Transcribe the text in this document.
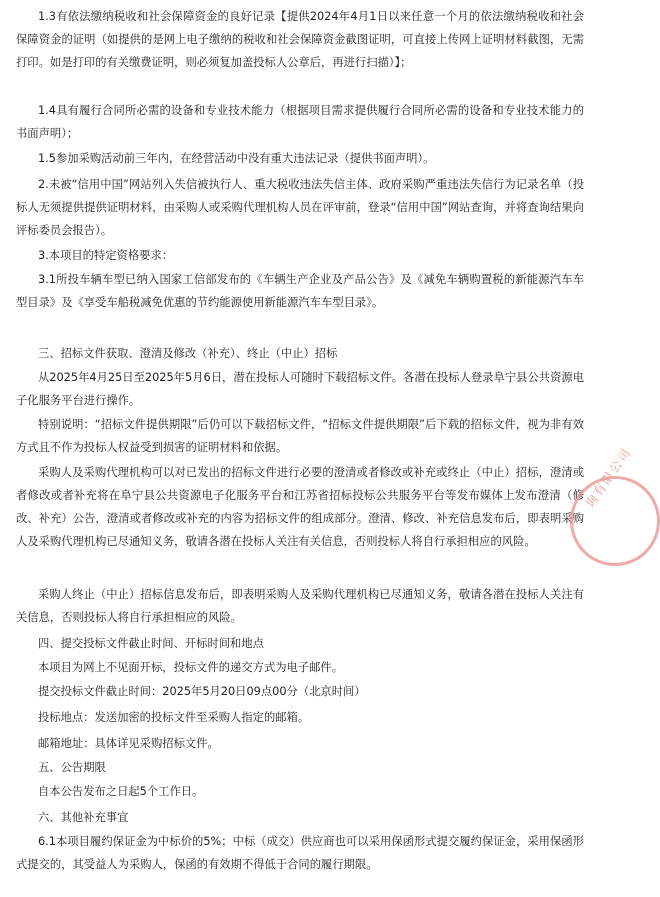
1.3有依法缴纳税收和社会保障资金的良好记录【提供2024年4月1日以来任意一个月的依法缴纳税收和社会保障资金的证明（如提供的是网上电子缴纳的税收和社会保障资金截图证明，可直接上传网上证明材料截图，无需打印。如是打印的有关缴费证明，则必须复加盖投标人公章后，再进行扫描）】；

1.4具有履行合同所必需的设备和专业技术能力（根据项目需求提供履行合同所必需的设备和专业技术能力的书面声明）；

1.5参加采购活动前三年内，在经营活动中没有重大违法记录（提供书面声明）。

2.未被“信用中国”网站列入失信被执行人、重大税收违法失信主体、政府采购严重违法失信行为记录名单（投标人无须提供提供证明材料，由采购人或采购代理机构人员在评审前，登录“信用中国”网站查询，并将查询结果向评标委员会报告）。

3.本项目的特定资格要求：

3.1所投车辆车型已纳入国家工信部发布的《车辆生产企业及产品公告》及《减免车辆购置税的新能源汽车车型目录》及《享受车船税减免优惠的节约能源使用新能源汽车车型目录》。

三、招标文件获取、澄清及修改（补充）、终止（中止）招标

从2025年4月25日至2025年5月6日，潜在投标人可随时下载招标文件。各潜在投标人登录阜宁县公共资源电子化服务平台进行操作。

特别说明：“招标文件提供期限”后仍可以下载招标文件，“招标文件提供期限”后下载的招标文件，视为非有效方式且不作为投标人权益受到损害的证明材料和依据。

采购人及采购代理机构可以对已发出的招标文件进行必要的澄清或者修改或补充或终止（中止）招标，澄清或者修改或者补充将在阜宁县公共资源电子化服务平台和江苏省招标投标公共服务平台等发布媒体上发布澄清（修改、补充）公告，澄清或者修改或补充的内容为招标文件的组成部分。澄清、修改、补充信息发布后，即表明采购人及采购代理机构已尽通知义务，敬请各潜在投标人关注有关信息，否则投标人将自行承担相应的风险。

采购人终止（中止）招标信息发布后，即表明采购人及采购代理机构已尽通知义务，敬请各潜在投标人关注有关信息，否则投标人将自行承担相应的风险。

四、提交投标文件截止时间、开标时间和地点

本项目为网上不见面开标，投标文件的递交方式为电子邮件。

提交投标文件截止时间：2025年5月20日09点00分（北京时间）

投标地点：发送加密的投标文件至采购人指定的邮箱。

邮箱地址：具体详见采购招标文件。

五、公告期限

自本公告发布之日起5个工作日。

六、其他补充事宜

6.1本项目履约保证金为中标价的5%；中标（成交）供应商也可以采用保函形式提交履约保证金，采用保函形式提交的，其受益人为采购人，保函的有效期不得低于合同的履行期限。

询有限公司
